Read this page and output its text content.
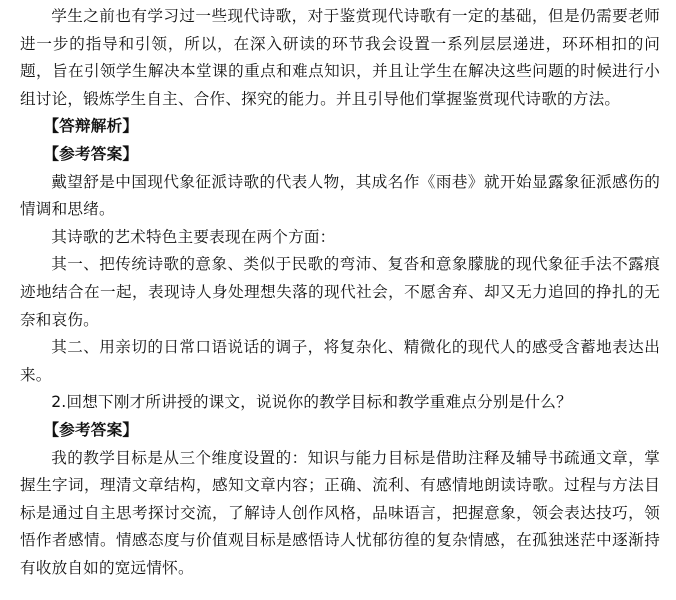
学生之前也有学习过一些现代诗歌，对于鉴赏现代诗歌有一定的基础，但是仍需要老师进一步的指导和引领，所以，在深入研读的环节我会设置一系列层层递进，环环相扣的问题，旨在引领学生解决本堂课的重点和难点知识，并且让学生在解决这些问题的时候进行小组讨论，锻炼学生自主、合作、探究的能力。并且引导他们掌握鉴赏现代诗歌的方法。

【答辩解析】

【参考答案】

戴望舒是中国现代象征派诗歌的代表人物，其成名作《雨巷》就开始显露象征派感伤的情调和思绪。

其诗歌的艺术特色主要表现在两个方面：

其一、把传统诗歌的意象、类似于民歌的弯沛、复沓和意象朦胧的现代象征手法不露痕迹地结合在一起，表现诗人身处理想失落的现代社会，不愿舍弃、却又无力追回的挣扎的无奈和哀伤。

其二、用亲切的日常口语说话的调子，将复杂化、精微化的现代人的感受含蓄地表达出来。

2.回想下刚才所讲授的课文，说说你的教学目标和教学重难点分别是什么？

【参考答案】

我的教学目标是从三个维度设置的：知识与能力目标是借助注释及辅导书疏通文章，掌握生字词，理清文章结构，感知文章内容；正确、流利、有感情地朗读诗歌。过程与方法目标是通过自主思考探讨交流，了解诗人创作风格，品味语言，把握意象，领会表达技巧，领悟作者感情。情感态度与价值观目标是感悟诗人忧郁彷徨的复杂情感，在孤独迷茫中逐渐持有收放自如的宽远情怀。
